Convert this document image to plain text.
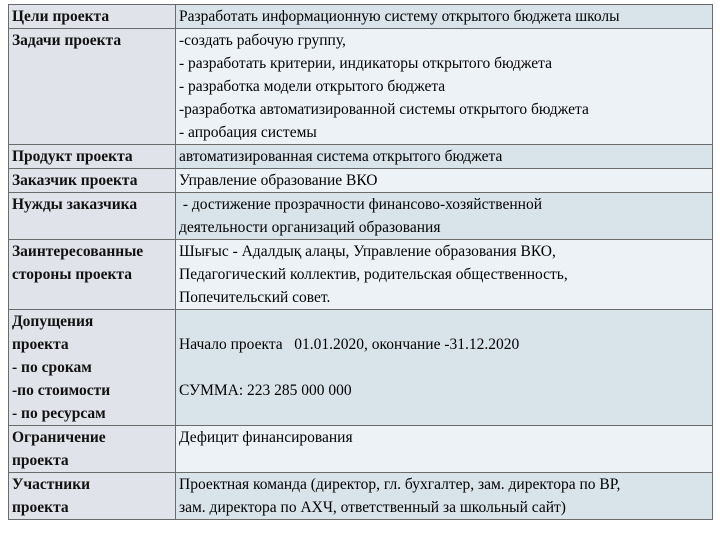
Цели проекта	Разработать информационную систему открытого бюджета школы

Задачи проекта	-создать рабочую группу,
- разработать критерии, индикаторы открытого бюджета
- разработка модели открытого бюджета
-разработка автоматизированной системы открытого бюджета
- апробация системы

Продукт проекта	автоматизированная система открытого бюджета

Заказчик проекта	Управление образование ВКО

Нужды заказчика	- достижение прозрачности финансово-хозяйственной
деятельности организаций образования

Заинтересованные
стороны проекта	Шығыс - Адалдық алаңы, Управление образования ВКО,
Педагогический коллектив, родительская общественность,
Попечительский совет.

Допущения
проекта
- по срокам
-по стоимости
- по ресурсам	Начало проекта   01.01.2020, окончание -31.12.2020
СУММА: 223 285 000 000

Ограничение
проекта	Дефицит финансирования

Участники
проекта	Проектная команда (директор, гл. бухгалтер, зам. директора по ВР,
зам. директора по АХЧ, ответственный за школьный сайт)
